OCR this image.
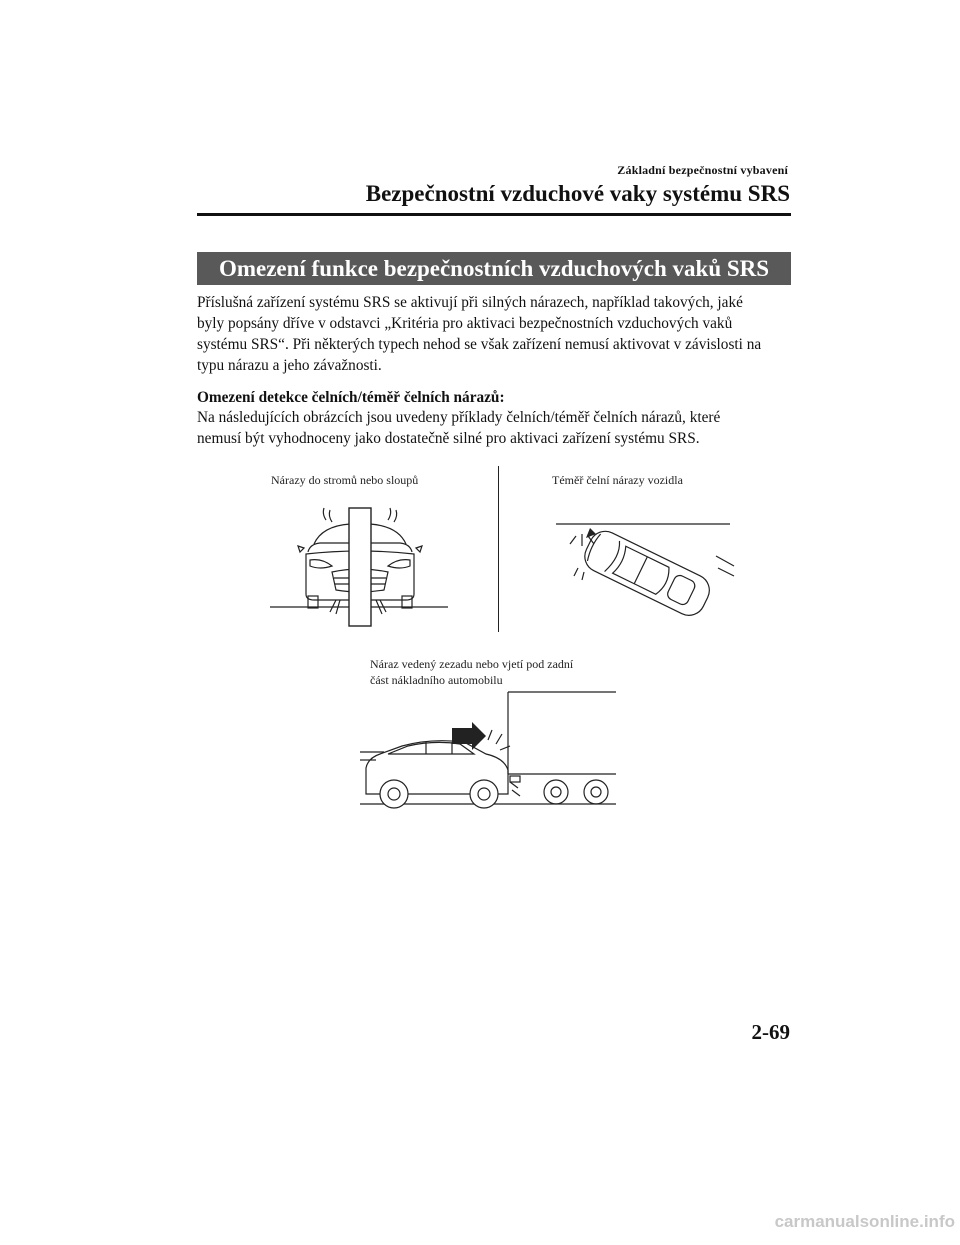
Základní bezpečnostní vybavení
Bezpečnostní vzduchové vaky systému SRS
Omezení funkce bezpečnostních vzduchových vaků SRS
Příslušná zařízení systému SRS se aktivují při silných nárazech, například takových, jaké
byly popsány dříve v odstavci „Kritéria pro aktivaci bezpečnostních vzduchových vaků
systému SRS“. Při některých typech nehod se však zařízení nemusí aktivovat v závislosti na
typu nárazu a jeho závažnosti.
Omezení detekce čelních/téměř čelních nárazů:
Na následujících obrázcích jsou uvedeny příklady čelních/téměř čelních nárazů, které
nemusí být vyhodnoceny jako dostatečně silné pro aktivaci zařízení systému SRS.
Nárazy do stromů nebo sloupů	Téměř čelní nárazy vozidla
Náraz vedený zezadu nebo vjetí pod zadní
část nákladního automobilu
2-69
carmanualsonline.info
